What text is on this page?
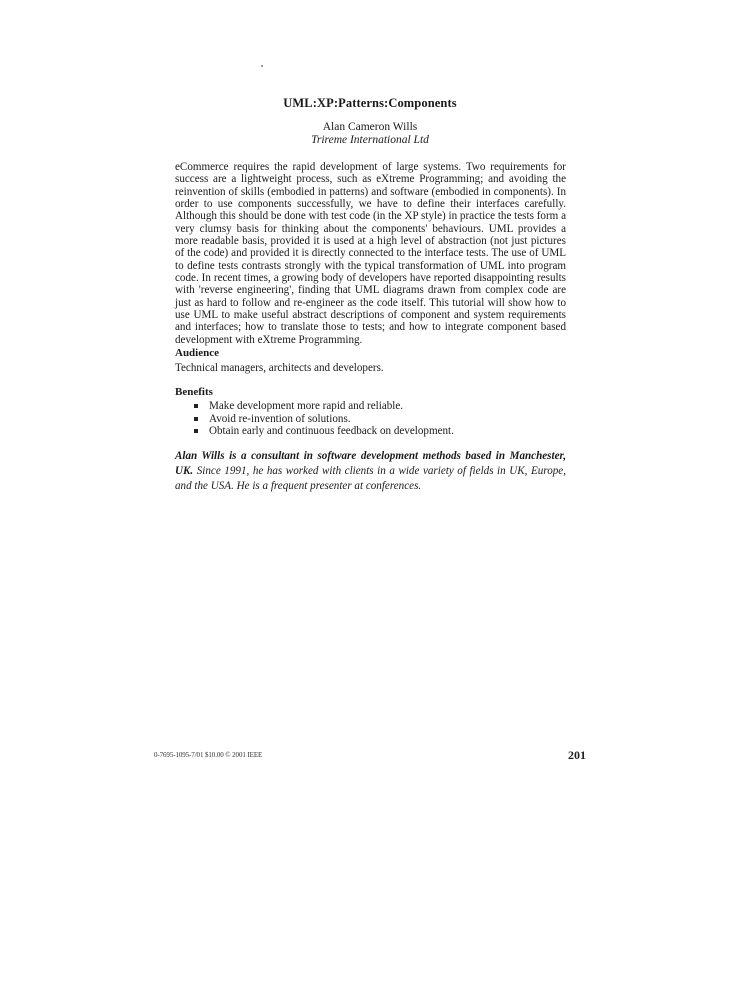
UML:XP:Patterns:Components
Alan Cameron Wills
Trireme International Ltd

eCommerce requires the rapid development of large systems. Two requirements for success are a lightweight process, such as eXtreme Programming; and avoiding the reinvention of skills (embodied in patterns) and software (embodied in components). In order to use components successfully, we have to define their interfaces carefully. Although this should be done with test code (in the XP style) in practice the tests form a very clumsy basis for thinking about the components' behaviours. UML provides a more readable basis, provided it is used at a high level of abstraction (not just pictures of the code) and provided it is directly connected to the interface tests. The use of UML to define tests contrasts strongly with the typical transformation of UML into program code. In recent times, a growing body of developers have reported disappointing results with 'reverse engineering', finding that UML diagrams drawn from complex code are just as hard to follow and re-engineer as the code itself. This tutorial will show how to use UML to make useful abstract descriptions of component and system requirements and interfaces; how to translate those to tests; and how to integrate component based development with eXtreme Programming.

Audience
Technical managers, architects and developers.
Benefits
Make development more rapid and reliable.
Avoid re-invention of solutions.
Obtain early and continuous feedback on development.

Alan Wills is a consultant in software development methods based in Manchester, UK. Since 1991, he has worked with clients in a wide variety of fields in UK, Europe, and the USA. He is a frequent presenter at conferences.

0-7695-1095-7/01 $10.00 © 2001 IEEE	201
